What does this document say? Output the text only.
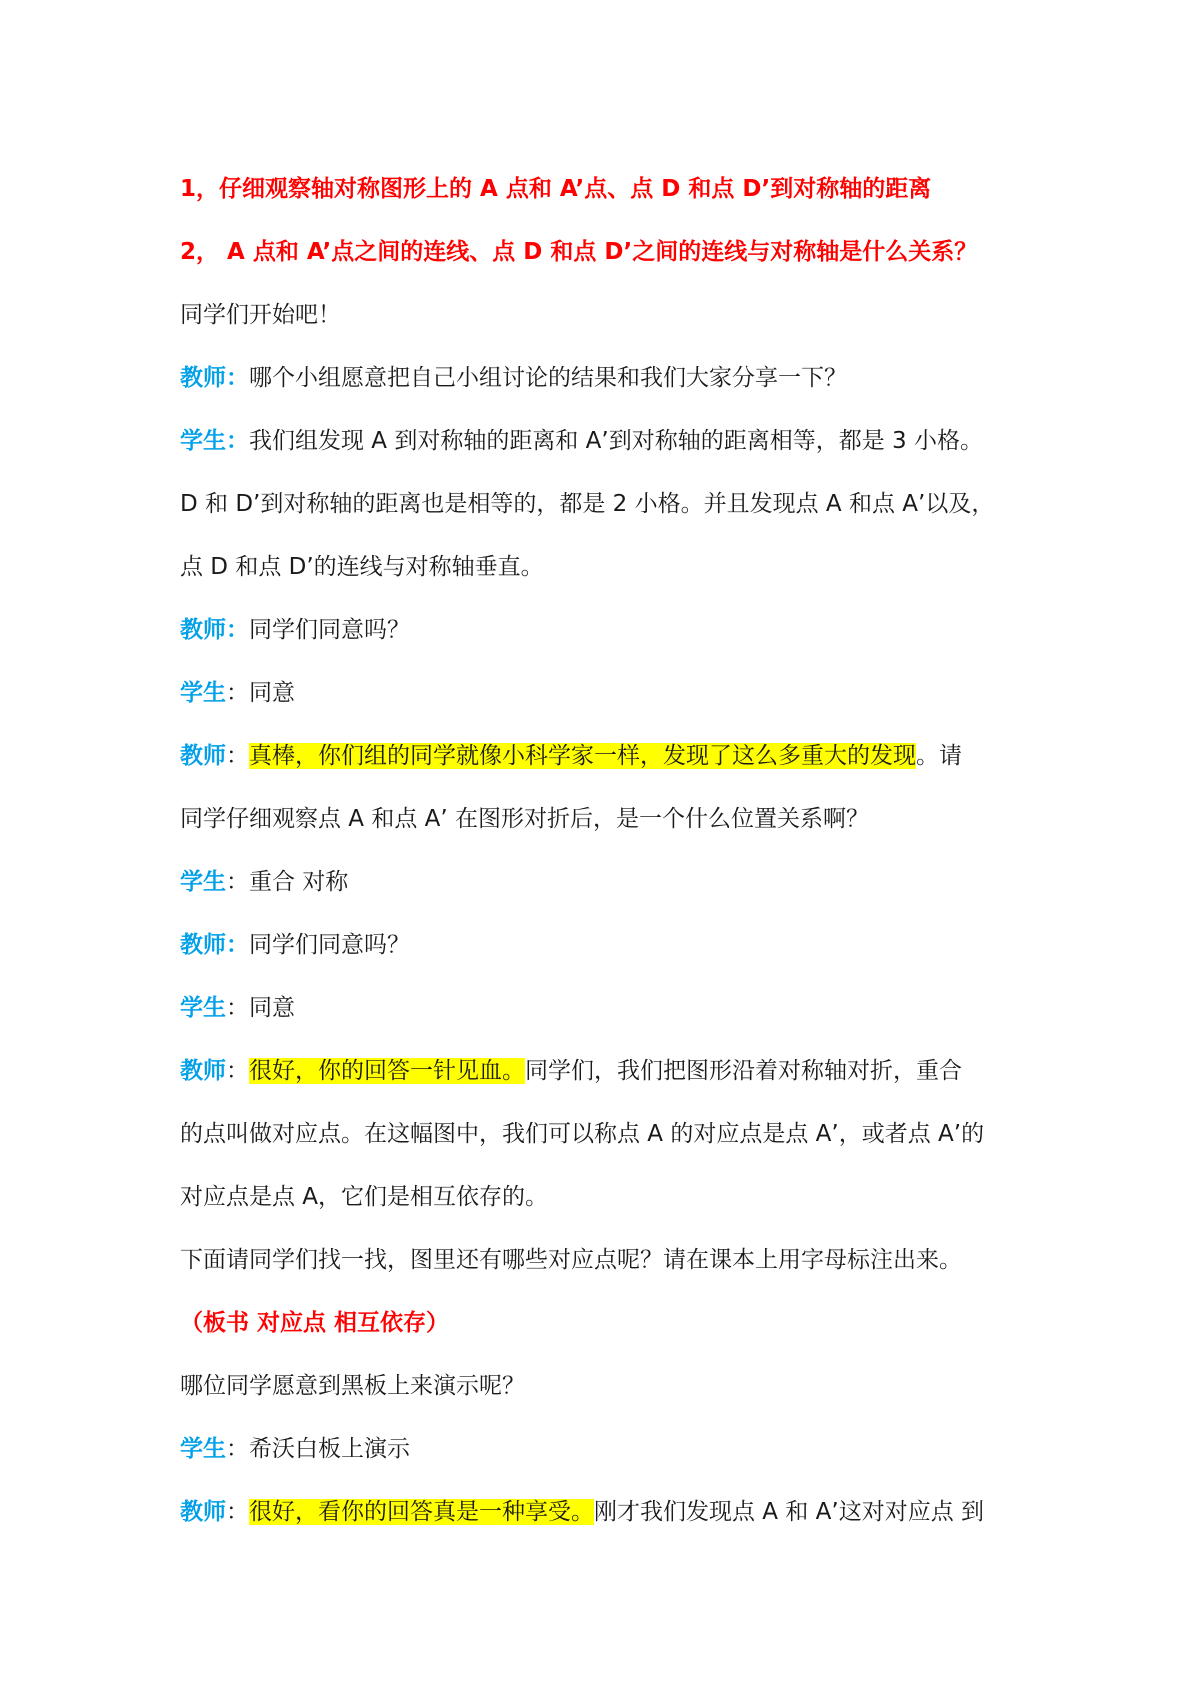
1，仔细观察轴对称图形上的 A 点和 A’点、点 D 和点 D’到对称轴的距离
2， A 点和 A’点之间的连线、点 D 和点 D’之间的连线与对称轴是什么关系？
同学们开始吧！
教师：哪个小组愿意把自己小组讨论的结果和我们大家分享一下？
学生：我们组发现 A 到对称轴的距离和 A’到对称轴的距离相等，都是 3 小格。
D 和 D’到对称轴的距离也是相等的，都是 2 小格。并且发现点 A 和点 A’以及，
点 D 和点 D’的连线与对称轴垂直。
教师：同学们同意吗？
学生：同意
教师：真棒，你们组的同学就像小科学家一样，发现了这么多重大的发现。请
同学仔细观察点 A 和点 A’ 在图形对折后，是一个什么位置关系啊？
学生：重合 对称
教师：同学们同意吗？
学生：同意
教师：很好，你的回答一针见血。同学们，我们把图形沿着对称轴对折，重合
的点叫做对应点。在这幅图中，我们可以称点 A 的对应点是点 A’，或者点 A’的
对应点是点 A，它们是相互依存的。
下面请同学们找一找，图里还有哪些对应点呢？请在课本上用字母标注出来。
（板书 对应点 相互依存）
哪位同学愿意到黑板上来演示呢？
学生：希沃白板上演示
教师：很好，看你的回答真是一种享受。刚才我们发现点 A 和 A’这对对应点 到
